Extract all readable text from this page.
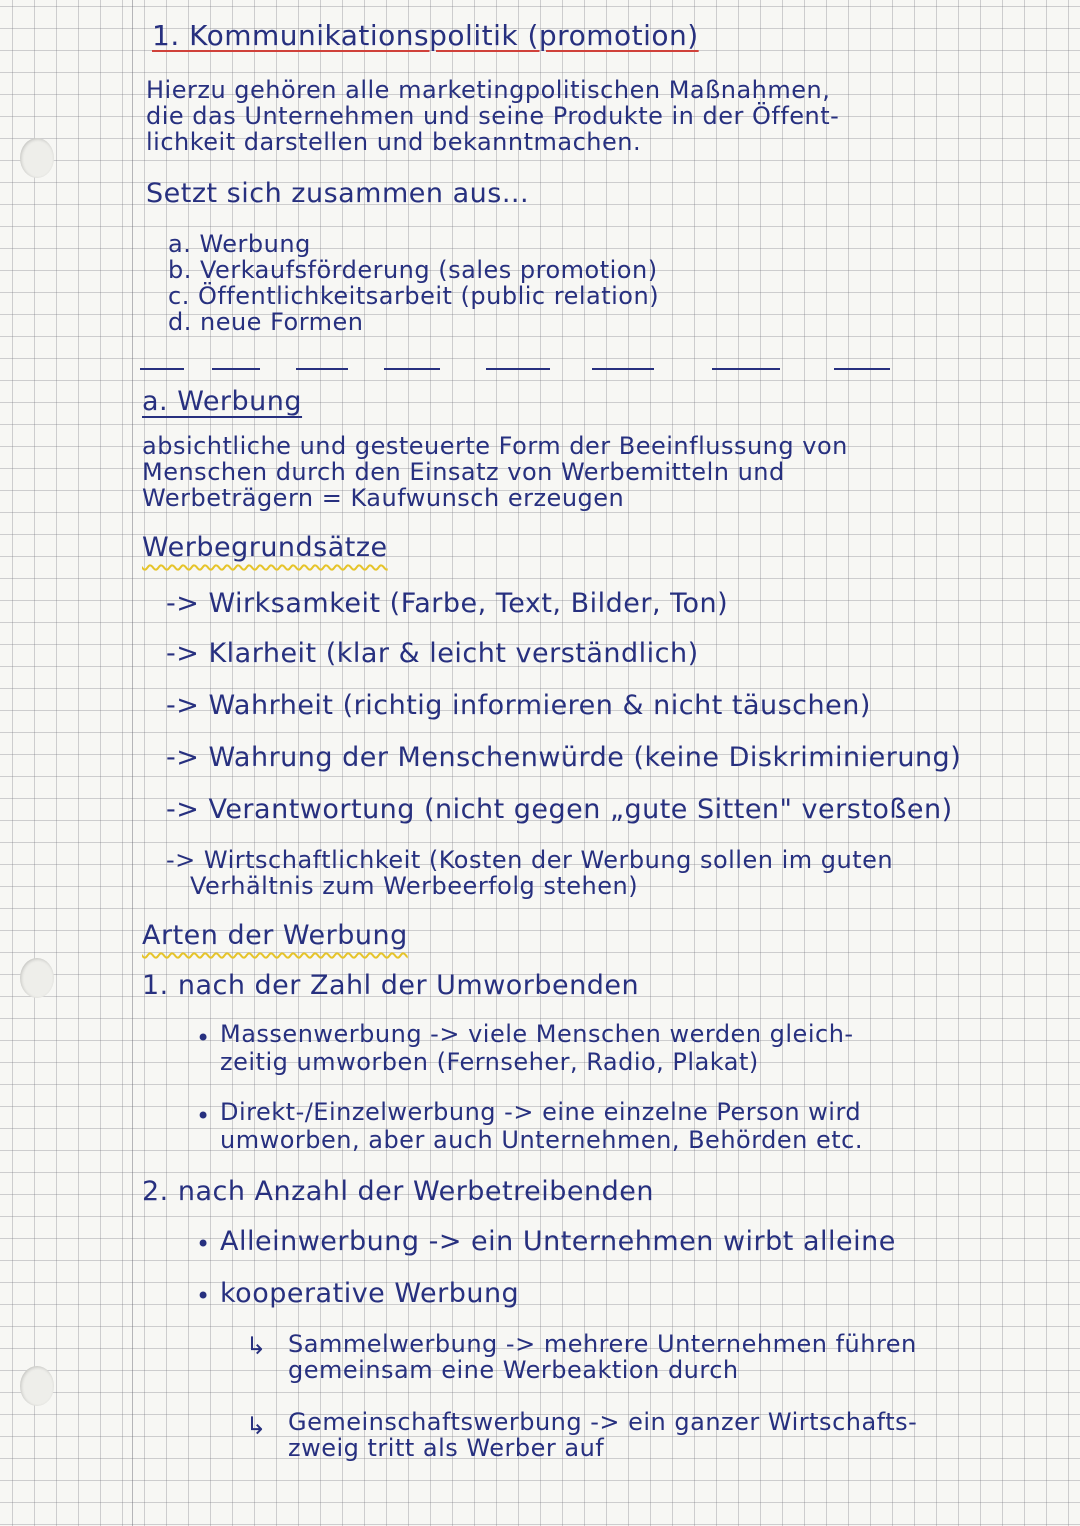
1. Kommunikationspolitik (promotion)
Hierzu gehören alle marketingpolitischen Maßnahmen,
die das Unternehmen und seine Produkte in der Öffent-
lichkeit darstellen und bekanntmachen.
Setzt sich zusammen aus...
a. Werbung
b. Verkaufsförderung (sales promotion)
c. Öffentlichkeitsarbeit (public relation)
d. neue Formen
a. Werbung
absichtliche und gesteuerte Form der Beeinflussung von
Menschen durch den Einsatz von Werbemitteln und
Werbeträgern = Kaufwunsch erzeugen
Werbegrundsätze
-> Wirksamkeit (Farbe, Text, Bilder, Ton)
-> Klarheit (klar & leicht verständlich)
-> Wahrheit (richtig informieren & nicht täuschen)
-> Wahrung der Menschenwürde (keine Diskriminierung)
-> Verantwortung (nicht gegen „gute Sitten" verstoßen)
-> Wirtschaftlichkeit (Kosten der Werbung sollen im guten
Verhältnis zum Werbeerfolg stehen)
Arten der Werbung
1. nach der Zahl der Umworbenden
• Massenwerbung -> viele Menschen werden gleich-
zeitig umworben (Fernseher, Radio, Plakat)
• Direkt-/Einzelwerbung -> eine einzelne Person wird
umworben, aber auch Unternehmen, Behörden etc.
2. nach Anzahl der Werbetreibenden
• Alleinwerbung -> ein Unternehmen wirbt alleine
• kooperative Werbung
↳ Sammelwerbung -> mehrere Unternehmen führen
gemeinsam eine Werbeaktion durch
↳ Gemeinschaftswerbung -> ein ganzer Wirtschafts-
zweig tritt als Werber auf
